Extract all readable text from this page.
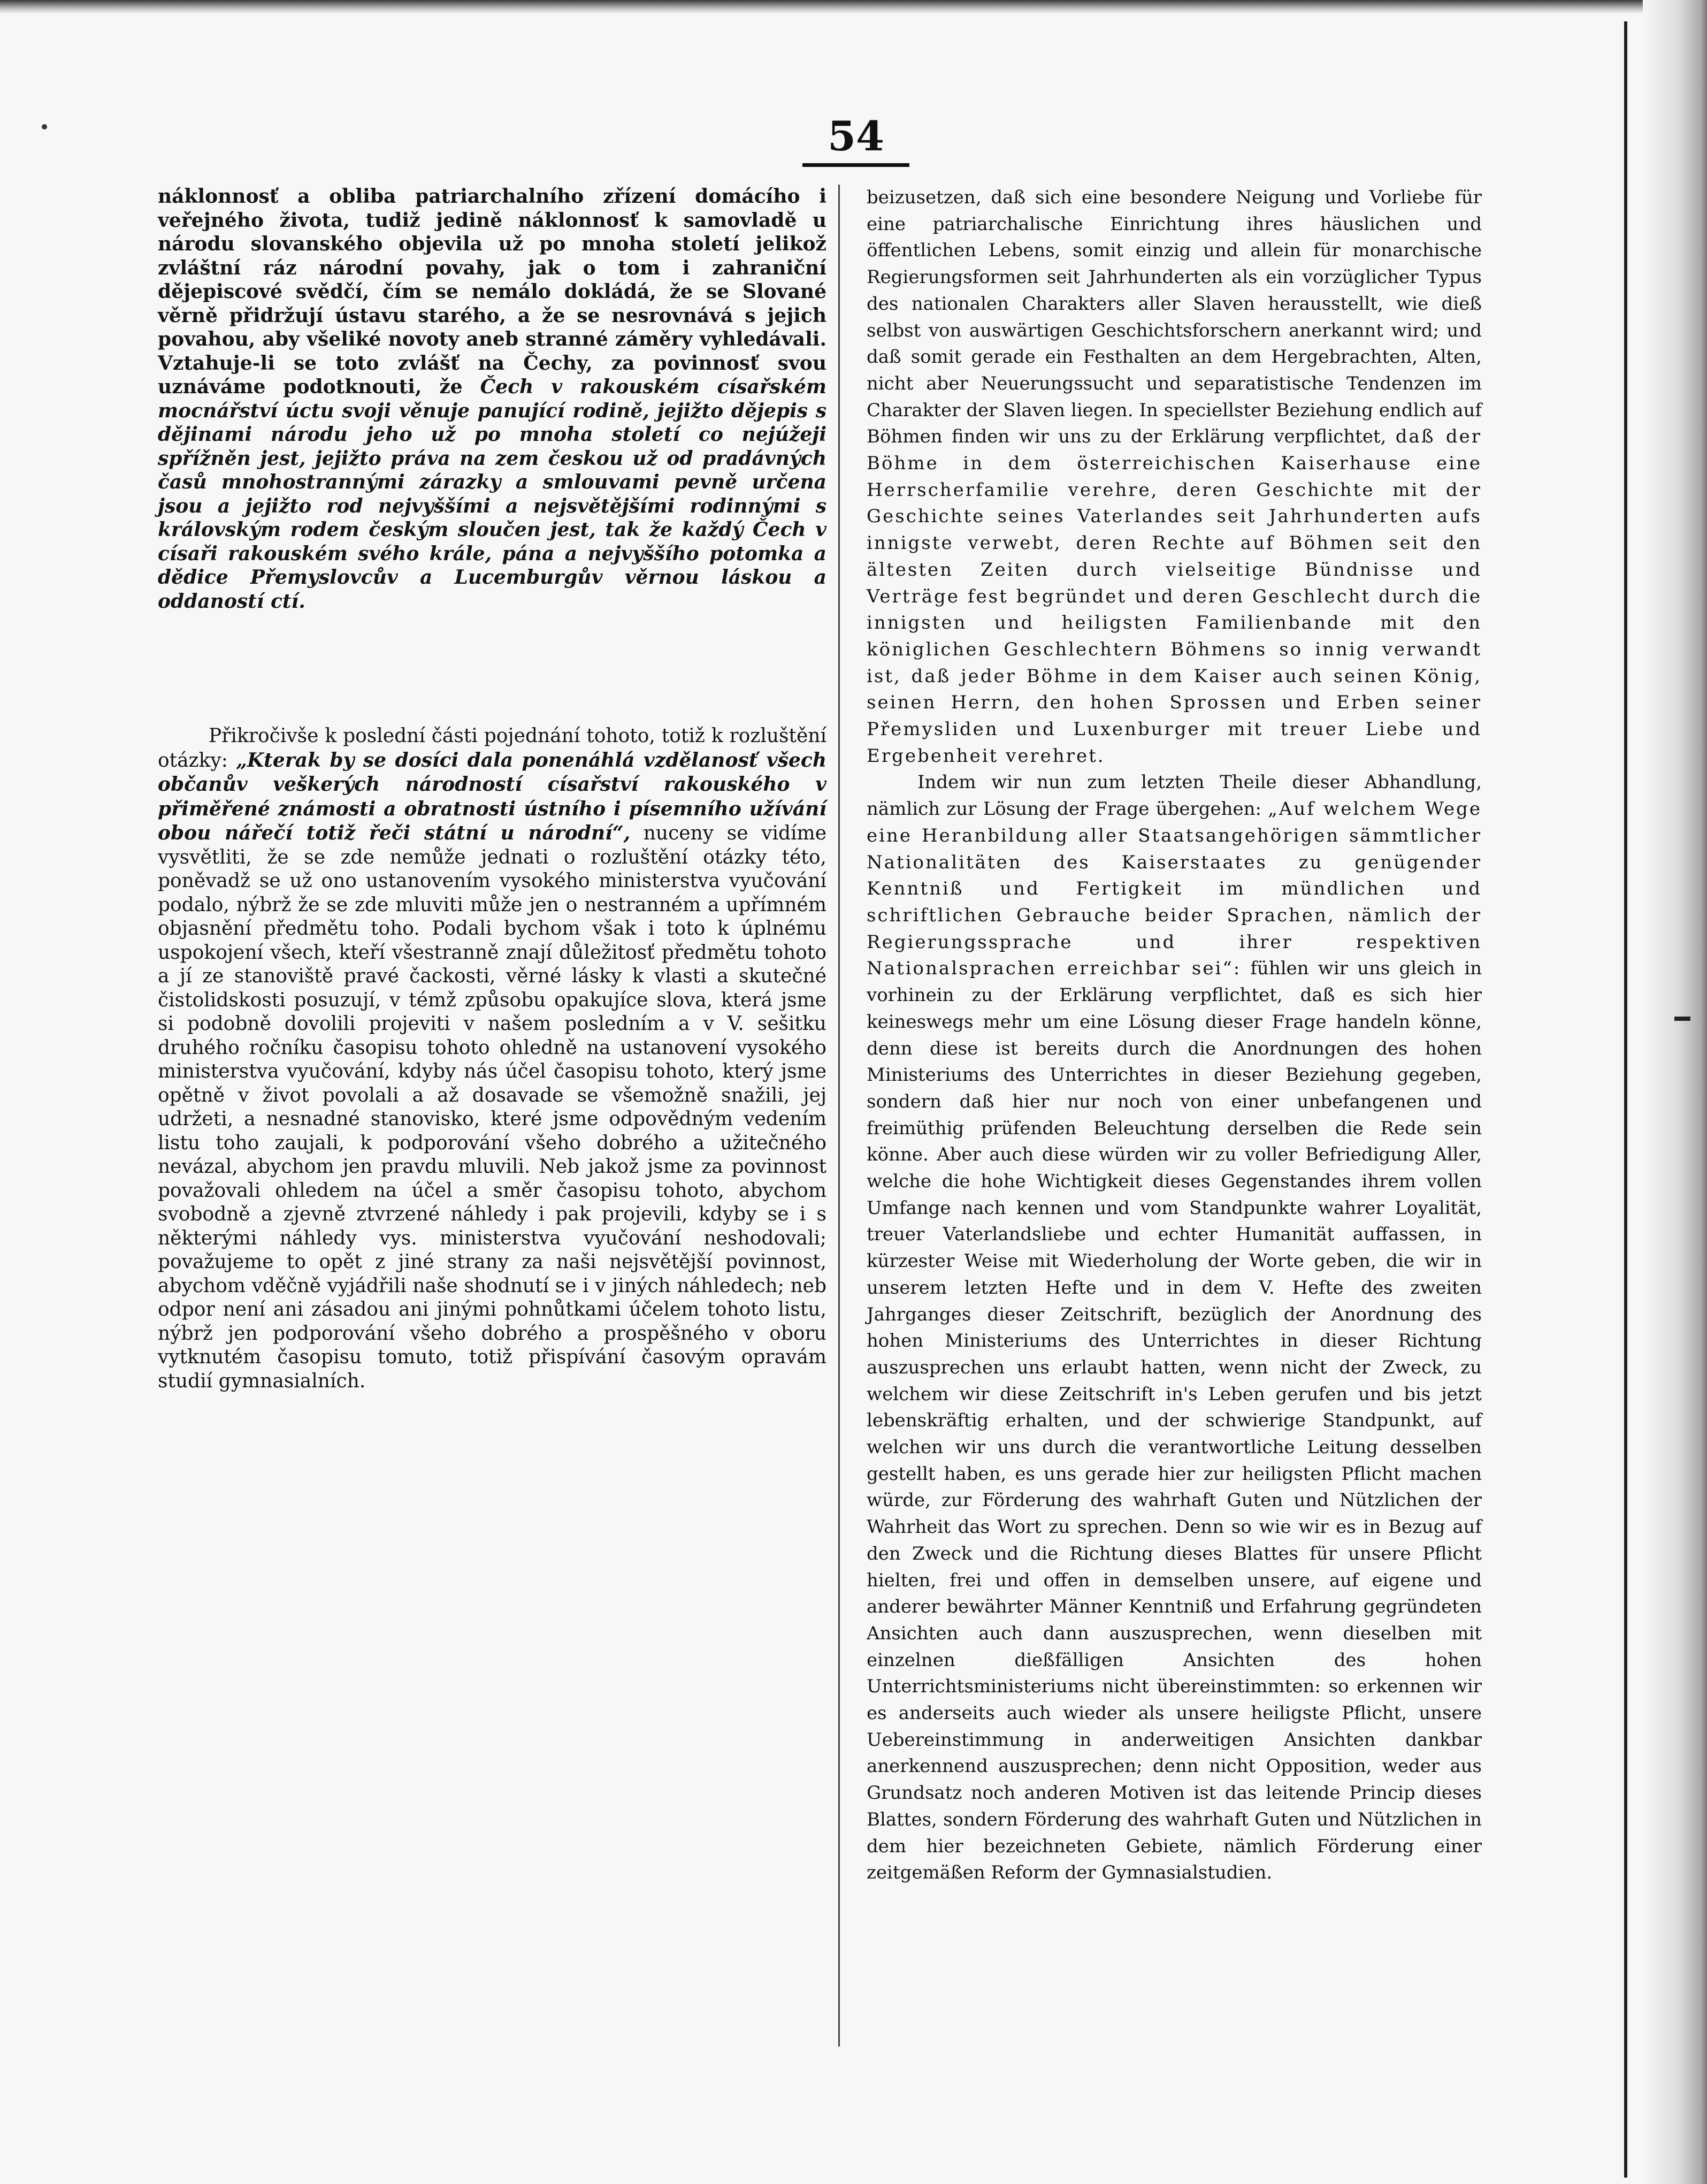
54

náklonnosť a obliba patriarchalního zřízení domácího i veřejného života, tudiž jedině náklonnosť k samovladě u národu slovanského objevila už po mnoha století jelikož zvláštní ráz národní povahy, jak o tom i zahraniční dějepiscové svědčí, čím se nemálo dokládá, že se Slované věrně přidržují ústavu starého, a že se nesrovnává s jejich povahou, aby všeliké novoty aneb stranné záměry vyhledávali. Vztahuje-li se toto zvlášť na Čechy, za povinnosť svou uznáváme podotknouti, že Čech v rakouském císařském mocnářství úctu svoji věnuje panující rodině, jejižto dějepis s dějinami národu jeho už po mnoha století co nejúžeji spřížněn jest, jejižto práva na zem českou už od pradávných časů mnohostrannými zárazky a smlouvami pevně určena jsou a jejižto rod nejvyššími a nejsvětějšími rodinnými s královským rodem českým sloučen jest, tak že každý Čech v císaři rakouském svého krále, pána a nejvyššího potomka a dědice Přemyslovcův a Lucemburgův věrnou láskou a oddaností ctí.

Přikročivše k poslední části pojednání tohoto, totiž k rozluštění otázky: „Kterak by se dosíci dala ponenáhlá vzdělanosť všech občanův veškerých národností císařství rakouského v přiměřené známosti a obratnosti ústního i písemního užívání obou nářečí totiž řeči státní u národní“, nuceny se vidíme vysvětliti, že se zde nemůže jednati o rozluštění otázky této, poněvadž se už ono ustanovením vysokého ministerstva vyučování podalo, nýbrž že se zde mluviti může jen o nestranném a upřímném objasnění předmětu toho. Podali bychom však i toto k úplnému uspokojení všech, kteří všestranně znají důležitosť předmětu tohoto a jí ze stanoviště pravé čackosti, věrné lásky k vlasti a skutečné čistolidskosti posuzují, v témž způsobu opakujíce slova, která jsme si podobně dovolili projeviti v našem posledním a v V. sešitku druhého ročníku časopisu tohoto ohledně na ustanovení vysokého ministerstva vyučování, kdyby nás účel časopisu tohoto, který jsme opětně v život povolali a až dosavade se všemožně snažili, jej udržeti, a nesnadné stanovisko, které jsme odpovědným vedením listu toho zaujali, k podporování všeho dobrého a užitečného nevázal, abychom jen pravdu mluvili. Neb jakož jsme za povinnost považovali ohledem na účel a směr časopisu tohoto, abychom svobodně a zjevně ztvrzené náhledy i pak projevili, kdyby se i s některými náhledy vys. ministerstva vyučování neshodovali; považujeme to opět z jiné strany za naši nejsvětější povinnost, abychom vděčně vyjádřili naše shodnutí se i v jiných náhledech; neb odpor není ani zásadou ani jinými pohnůtkami účelem tohoto listu, nýbrž jen podporování všeho dobrého a prospěšného v oboru vytknutém časopisu tomuto, totiž přispívání časovým opravám studií gymnasialních.

beizusetzen, daß sich eine besondere Neigung und Vorliebe für eine patriarchalische Einrichtung ihres häuslichen und öffentlichen Lebens, somit einzig und allein für monarchische Regierungsformen seit Jahrhunderten als ein vorzüglicher Typus des nationalen Charakters aller Slaven herausstellt, wie dieß selbst von auswärtigen Geschichtsforschern anerkannt wird; und daß somit gerade ein Festhalten an dem Hergebrachten, Alten, nicht aber Neuerungssucht und separatistische Tendenzen im Charakter der Slaven liegen. In speciellster Beziehung endlich auf Böhmen finden wir uns zu der Erklärung verpflichtet, daß der Böhme in dem österreichischen Kaiserhause eine Herrscherfamilie verehre, deren Geschichte mit der Geschichte seines Vaterlandes seit Jahrhunderten aufs innigste verwebt, deren Rechte auf Böhmen seit den ältesten Zeiten durch vielseitige Bündnisse und Verträge fest begründet und deren Geschlecht durch die innigsten und heiligsten Familienbande mit den königlichen Geschlechtern Böhmens so innig verwandt ist, daß jeder Böhme in dem Kaiser auch seinen König, seinen Herrn, den hohen Sprossen und Erben seiner Přemysliden und Luxenburger mit treuer Liebe und Ergebenheit verehret.

Indem wir nun zum letzten Theile dieser Abhandlung, nämlich zur Lösung der Frage übergehen: „Auf welchem Wege eine Heranbildung aller Staatsangehörigen sämmtlicher Nationalitäten des Kaiserstaates zu genügender Kenntniß und Fertigkeit im mündlichen und schriftlichen Gebrauche beider Sprachen, nämlich der Regierungssprache und ihrer respektiven Nationalsprachen erreichbar sei“: fühlen wir uns gleich in vorhinein zu der Erklärung verpflichtet, daß es sich hier keineswegs mehr um eine Lösung dieser Frage handeln könne, denn diese ist bereits durch die Anordnungen des hohen Ministeriums des Unterrichtes in dieser Beziehung gegeben, sondern daß hier nur noch von einer unbefangenen und freimüthig prüfenden Beleuchtung derselben die Rede sein könne. Aber auch diese würden wir zu voller Befriedigung Aller, welche die hohe Wichtigkeit dieses Gegenstandes ihrem vollen Umfange nach kennen und vom Standpunkte wahrer Loyalität, treuer Vaterlandsliebe und echter Humanität auffassen, in kürzester Weise mit Wiederholung der Worte geben, die wir in unserem letzten Hefte und in dem V. Hefte des zweiten Jahrganges dieser Zeitschrift, bezüglich der Anordnung des hohen Ministeriums des Unterrichtes in dieser Richtung auszusprechen uns erlaubt hatten, wenn nicht der Zweck, zu welchem wir diese Zeitschrift in's Leben gerufen und bis jetzt lebenskräftig erhalten, und der schwierige Standpunkt, auf welchen wir uns durch die verantwortliche Leitung desselben gestellt haben, es uns gerade hier zur heiligsten Pflicht machen würde, zur Förderung des wahrhaft Guten und Nützlichen der Wahrheit das Wort zu sprechen. Denn so wie wir es in Bezug auf den Zweck und die Richtung dieses Blattes für unsere Pflicht hielten, frei und offen in demselben unsere, auf eigene und anderer bewährter Männer Kenntniß und Erfahrung gegründeten Ansichten auch dann auszusprechen, wenn dieselben mit einzelnen dießfälligen Ansichten des hohen Unterrichtsministeriums nicht übereinstimmten: so erkennen wir es anderseits auch wieder als unsere heiligste Pflicht, unsere Uebereinstimmung in anderweitigen Ansichten dankbar anerkennend auszusprechen; denn nicht Opposition, weder aus Grundsatz noch anderen Motiven ist das leitende Princip dieses Blattes, sondern Förderung des wahrhaft Guten und Nützlichen in dem hier bezeichneten Gebiete, nämlich Förderung einer zeitgemäßen Reform der Gymnasialstudien.
